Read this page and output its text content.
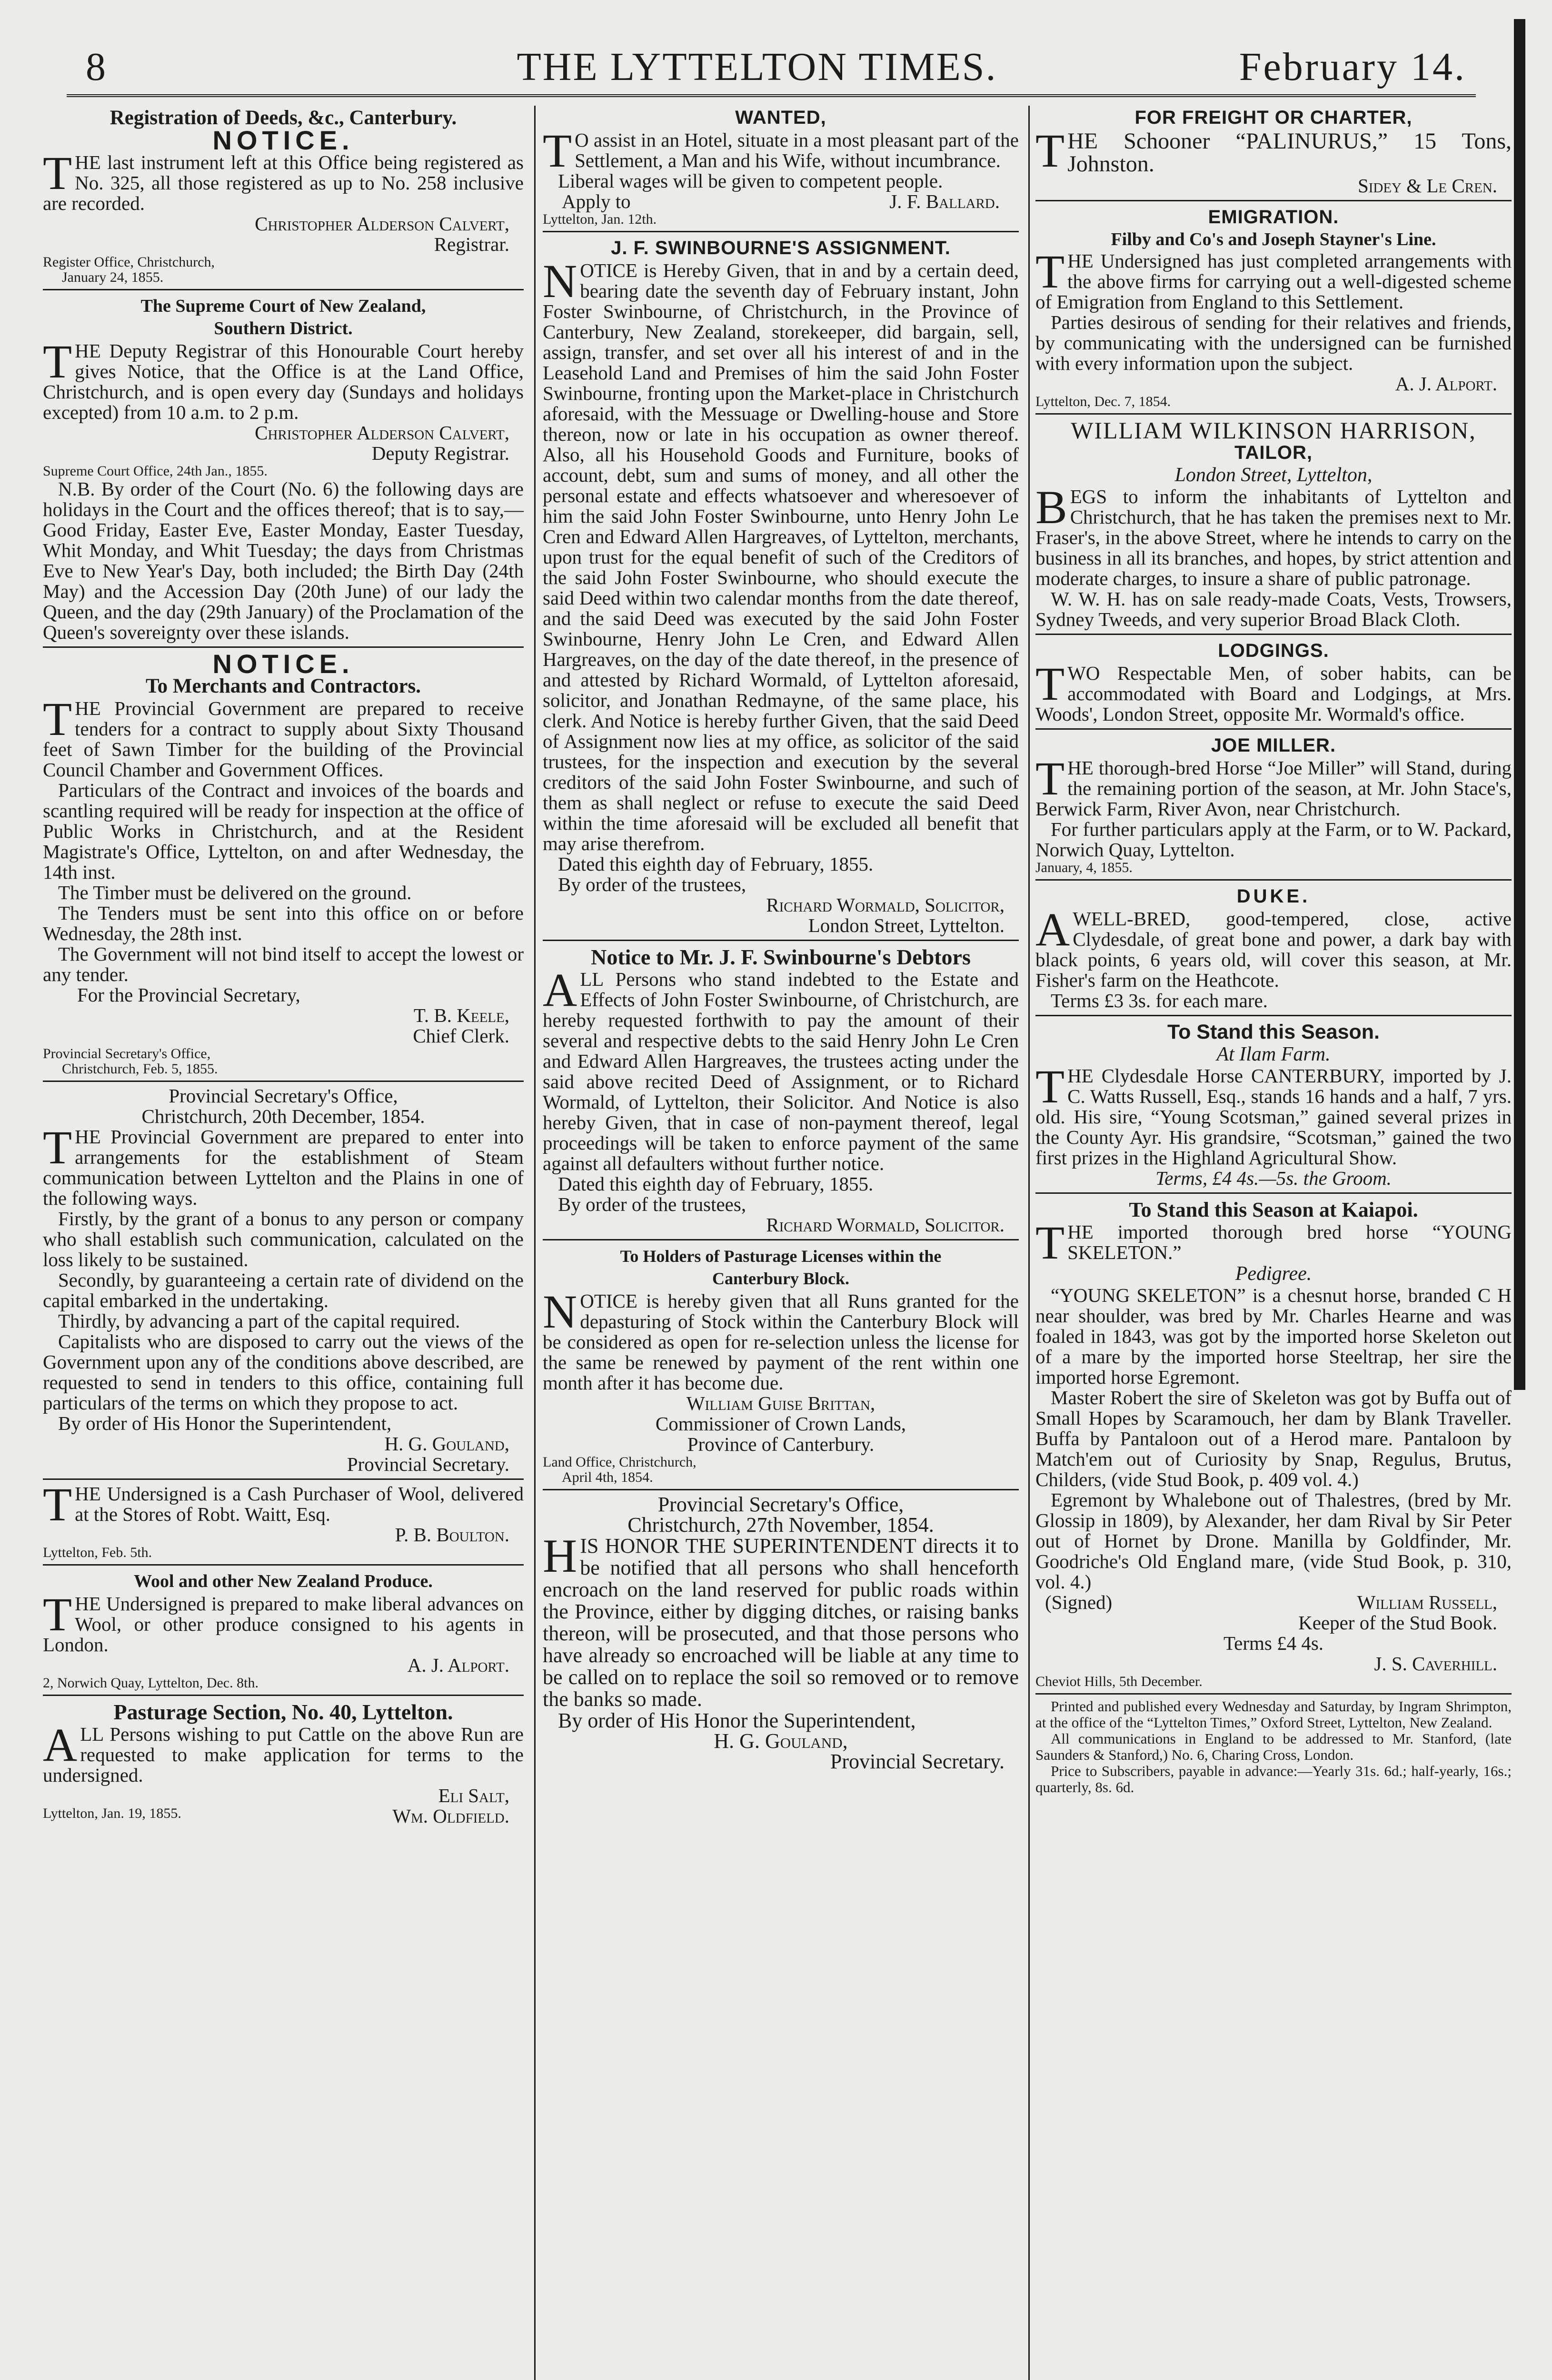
8	THE LYTTELTON TIMES.	February 14.
Registration of Deeds, &c., Canterbury.
NOTICE.

THE last instrument left at this Office being registered as No. 325, all those registered as up to No. 258 inclusive are recorded.

Christopher Alderson Calvert,
Registrar.
Register Office, Christchurch,
January 24, 1855.
The Supreme Court of New Zealand,
Southern District.

THE Deputy Registrar of this Honourable Court hereby gives Notice, that the Office is at the Land Office, Christchurch, and is open every day (Sundays and holidays excepted) from 10 a.m. to 2 p.m.

Christopher Alderson Calvert,
Deputy Registrar.
Supreme Court Office, 24th Jan., 1855.

N.B. By order of the Court (No. 6) the following days are holidays in the Court and the offices thereof; that is to say,—Good Friday, Easter Eve, Easter Monday, Easter Tuesday, Whit Monday, and Whit Tuesday; the days from Christmas Eve to New Year's Day, both included; the Birth Day (24th May) and the Accession Day (20th June) of our lady the Queen, and the day (29th January) of the Proclamation of the Queen's sovereignty over these islands.

NOTICE.
To Merchants and Contractors.

THE Provincial Government are prepared to receive tenders for a contract to supply about Sixty Thousand feet of Sawn Timber for the building of the Provincial Council Chamber and Government Offices.

Particulars of the Contract and invoices of the boards and scantling required will be ready for inspection at the office of Public Works in Christchurch, and at the Resident Magistrate's Office, Lyttelton, on and after Wednesday, the 14th inst.

The Timber must be delivered on the ground.

The Tenders must be sent into this office on or before Wednesday, the 28th inst.

The Government will not bind itself to accept the lowest or any tender.

For the Provincial Secretary,

T. B. Keele,
Chief Clerk.
Provincial Secretary's Office,
Christchurch, Feb. 5, 1855.
Provincial Secretary's Office,
Christchurch, 20th December, 1854.

THE Provincial Government are prepared to enter into arrangements for the establishment of Steam communication between Lyttelton and the Plains in one of the following ways.

Firstly, by the grant of a bonus to any person or company who shall establish such communication, calculated on the loss likely to be sustained.

Secondly, by guaranteeing a certain rate of dividend on the capital embarked in the undertaking.

Thirdly, by advancing a part of the capital required.

Capitalists who are disposed to carry out the views of the Government upon any of the conditions above described, are requested to send in tenders to this office, containing full particulars of the terms on which they propose to act.

By order of His Honor the Superintendent,

H. G. Gouland,
Provincial Secretary.

THE Undersigned is a Cash Purchaser of Wool, delivered at the Stores of Robt. Waitt, Esq.

P. B. Boulton.
Lyttelton, Feb. 5th.
Wool and other New Zealand Produce.

THE Undersigned is prepared to make liberal advances on Wool, or other produce consigned to his agents in London.

A. J. Alport.
2, Norwich Quay, Lyttelton, Dec. 8th.
Pasturage Section, No. 40, Lyttelton.

ALL Persons wishing to put Cattle on the above Run are requested to make application for terms to the undersigned.

Eli Salt,
Lyttelton, Jan. 19, 1855.	Wm. Oldfield.
WANTED,

T O assist in an Hotel, situate in a most pleasant part of the Settlement, a Man and his Wife, without incumbrance.

Liberal wages will be given to competent people.

Apply to	J. F. Ballard.
Lyttelton, Jan. 12th.
J. F. SWINBOURNE'S ASSIGNMENT.

NOTICE is Hereby Given, that in and by a certain deed, bearing date the seventh day of February instant, John Foster Swinbourne, of Christchurch, in the Province of Canterbury, New Zealand, storekeeper, did bargain, sell, assign, transfer, and set over all his interest of and in the Leasehold Land and Premises of him the said John Foster Swinbourne, fronting upon the Market-place in Christchurch aforesaid, with the Messuage or Dwelling-house and Store thereon, now or late in his occupation as owner thereof. Also, all his Household Goods and Furniture, books of account, debt, sum and sums of money, and all other the personal estate and effects whatsoever and wheresoever of him the said John Foster Swinbourne, unto Henry John Le Cren and Edward Allen Hargreaves, of Lyttelton, merchants, upon trust for the equal benefit of such of the Creditors of the said John Foster Swinbourne, who should execute the said Deed within two calendar months from the date thereof, and the said Deed was executed by the said John Foster Swinbourne, Henry John Le Cren, and Edward Allen Hargreaves, on the day of the date thereof, in the presence of and attested by Richard Wormald, of Lyttelton aforesaid, solicitor, and Jonathan Redmayne, of the same place, his clerk. And Notice is hereby further Given, that the said Deed of Assignment now lies at my office, as solicitor of the said trustees, for the inspection and execution by the several creditors of the said John Foster Swinbourne, and such of them as shall neglect or refuse to execute the said Deed within the time aforesaid will be excluded all benefit that may arise therefrom.

Dated this eighth day of February, 1855.

By order of the trustees,

Richard Wormald, Solicitor,
London Street, Lyttelton.
Notice to Mr. J. F. Swinbourne's Debtors

ALL Persons who stand indebted to the Estate and Effects of John Foster Swinbourne, of Christchurch, are hereby requested forthwith to pay the amount of their several and respective debts to the said Henry John Le Cren and Edward Allen Hargreaves, the trustees acting under the said above recited Deed of Assignment, or to Richard Wormald, of Lyttelton, their Solicitor. And Notice is also hereby Given, that in case of non-payment thereof, legal proceedings will be taken to enforce payment of the same against all defaulters without further notice.

Dated this eighth day of February, 1855.

By order of the trustees,

Richard Wormald, Solicitor.
To Holders of Pasturage Licenses within the
Canterbury Block.

NOTICE is hereby given that all Runs granted for the depasturing of Stock within the Canterbury Block will be considered as open for re-selection unless the license for the same be renewed by payment of the rent within one month after it has become due.

William Guise Brittan,
Commissioner of Crown Lands,
Province of Canterbury.
Land Office, Christchurch,
April 4th, 1854.
Provincial Secretary's Office,
Christchurch, 27th November, 1854.

HIS HONOR THE SUPERINTENDENT directs it to be notified that all persons who shall henceforth encroach on the land reserved for public roads within the Province, either by digging ditches, or raising banks thereon, will be prosecuted, and that those persons who have already so encroached will be liable at any time to be called on to replace the soil so removed or to remove the banks so made.

By order of His Honor the Superintendent,

H. G. Gouland,
Provincial Secretary.
FOR FREIGHT OR CHARTER,

THE Schooner “PALINURUS,” 15 Tons, Johnston.

Sidey & Le Cren.
EMIGRATION.
Filby and Co's and Joseph Stayner's Line.

THE Undersigned has just completed arrangements with the above firms for carrying out a well-digested scheme of Emigration from England to this Settlement.

Parties desirous of sending for their relatives and friends, by communicating with the undersigned can be furnished with every information upon the subject.

A. J. Alport.
Lyttelton, Dec. 7, 1854.
WILLIAM WILKINSON HARRISON,
TAILOR,
London Street, Lyttelton,

BEGS to inform the inhabitants of Lyttelton and Christchurch, that he has taken the premises next to Mr. Fraser's, in the above Street, where he intends to carry on the business in all its branches, and hopes, by strict attention and moderate charges, to insure a share of public patronage.

W. W. H. has on sale ready-made Coats, Vests, Trowsers, Sydney Tweeds, and very superior Broad Black Cloth.

LODGINGS.

TWO Respectable Men, of sober habits, can be accommodated with Board and Lodgings, at Mrs. Woods', London Street, opposite Mr. Wormald's office.

JOE MILLER.

THE thorough-bred Horse “Joe Miller” will Stand, during the remaining portion of the season, at Mr. John Stace's, Berwick Farm, River Avon, near Christchurch.

For further particulars apply at the Farm, or to W. Packard, Norwich Quay, Lyttelton.

January, 4, 1855.
DUKE.

AWELL-BRED, good-tempered, close, active Clydesdale, of great bone and power, a dark bay with black points, 6 years old, will cover this season, at Mr. Fisher's farm on the Heathcote.

Terms £3 3s. for each mare.

To Stand this Season.
At Ilam Farm.

THE Clydesdale Horse CANTERBURY, imported by J. C. Watts Russell, Esq., stands 16 hands and a half, 7 yrs. old. His sire, “Young Scotsman,” gained several prizes in the County Ayr. His grandsire, “Scotsman,” gained the two first prizes in the Highland Agricultural Show.

Terms, £4 4s.—5s. the Groom.
To Stand this Season at Kaiapoi.

THE imported thorough bred horse “YOUNG SKELETON.”

Pedigree.

“YOUNG SKELETON” is a chesnut horse, branded C H near shoulder, was bred by Mr. Charles Hearne and was foaled in 1843, was got by the imported horse Skeleton out of a mare by the imported horse Steeltrap, her sire the imported horse Egremont.

Master Robert the sire of Skeleton was got by Buffa out of Small Hopes by Scaramouch, her dam by Blank Traveller. Buffa by Pantaloon out of a Herod mare. Pantaloon by Match'em out of Curiosity by Snap, Regulus, Brutus, Childers, (vide Stud Book, p. 409 vol. 4.)

Egremont by Whalebone out of Thalestres, (bred by Mr. Glossip in 1809), by Alexander, her dam Rival by Sir Peter out of Hornet by Drone. Manilla by Goldfinder, Mr. Goodriche's Old England mare, (vide Stud Book, p. 310, vol. 4.)

(Signed)	William Russell,
Keeper of the Stud Book.
Terms £4 4s.
J. S. Caverhill.
Cheviot Hills, 5th December.

Printed and published every Wednesday and Saturday, by Ingram Shrimpton, at the office of the “Lyttelton Times,” Oxford Street, Lyttelton, New Zealand.

All communications in England to be addressed to Mr. Stanford, (late Saunders & Stanford,) No. 6, Charing Cross, London.

Price to Subscribers, payable in advance:—Yearly 31s. 6d.; half-yearly, 16s.; quarterly, 8s. 6d.
